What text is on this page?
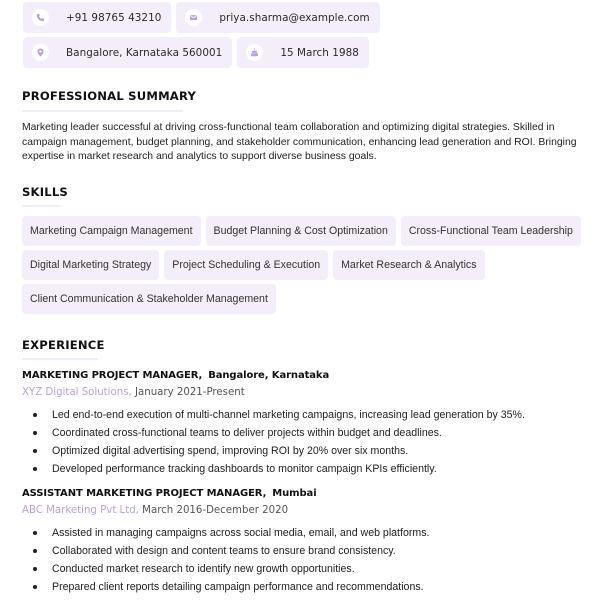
+91 98765 43210	priya.sharma@example.com
Bangalore, Karnataka 560001	15 March 1988
PROFESSIONAL SUMMARY

Marketing leader successful at driving cross-functional team collaboration and optimizing digital strategies. Skilled in campaign management, budget planning, and stakeholder communication, enhancing lead generation and ROI. Bringing expertise in market research and analytics to support diverse business goals.

SKILLS
Marketing Campaign Management	Budget Planning & Cost Optimization	Cross-Functional Team Leadership
Digital Marketing Strategy	Project Scheduling & Execution	Market Research & Analytics
Client Communication & Stakeholder Management
EXPERIENCE
MARKETING PROJECT MANAGER, Bangalore, Karnataka
XYZ Digital Solutions, January 2021-Present
Led end-to-end execution of multi-channel marketing campaigns, increasing lead generation by 35%.
Coordinated cross-functional teams to deliver projects within budget and deadlines.
Optimized digital advertising spend, improving ROI by 20% over six months.
Developed performance tracking dashboards to monitor campaign KPIs efficiently.
ASSISTANT MARKETING PROJECT MANAGER, Mumbai
ABC Marketing Pvt Ltd, March 2016-December 2020
Assisted in managing campaigns across social media, email, and web platforms.
Collaborated with design and content teams to ensure brand consistency.
Conducted market research to identify new growth opportunities.
Prepared client reports detailing campaign performance and recommendations.
